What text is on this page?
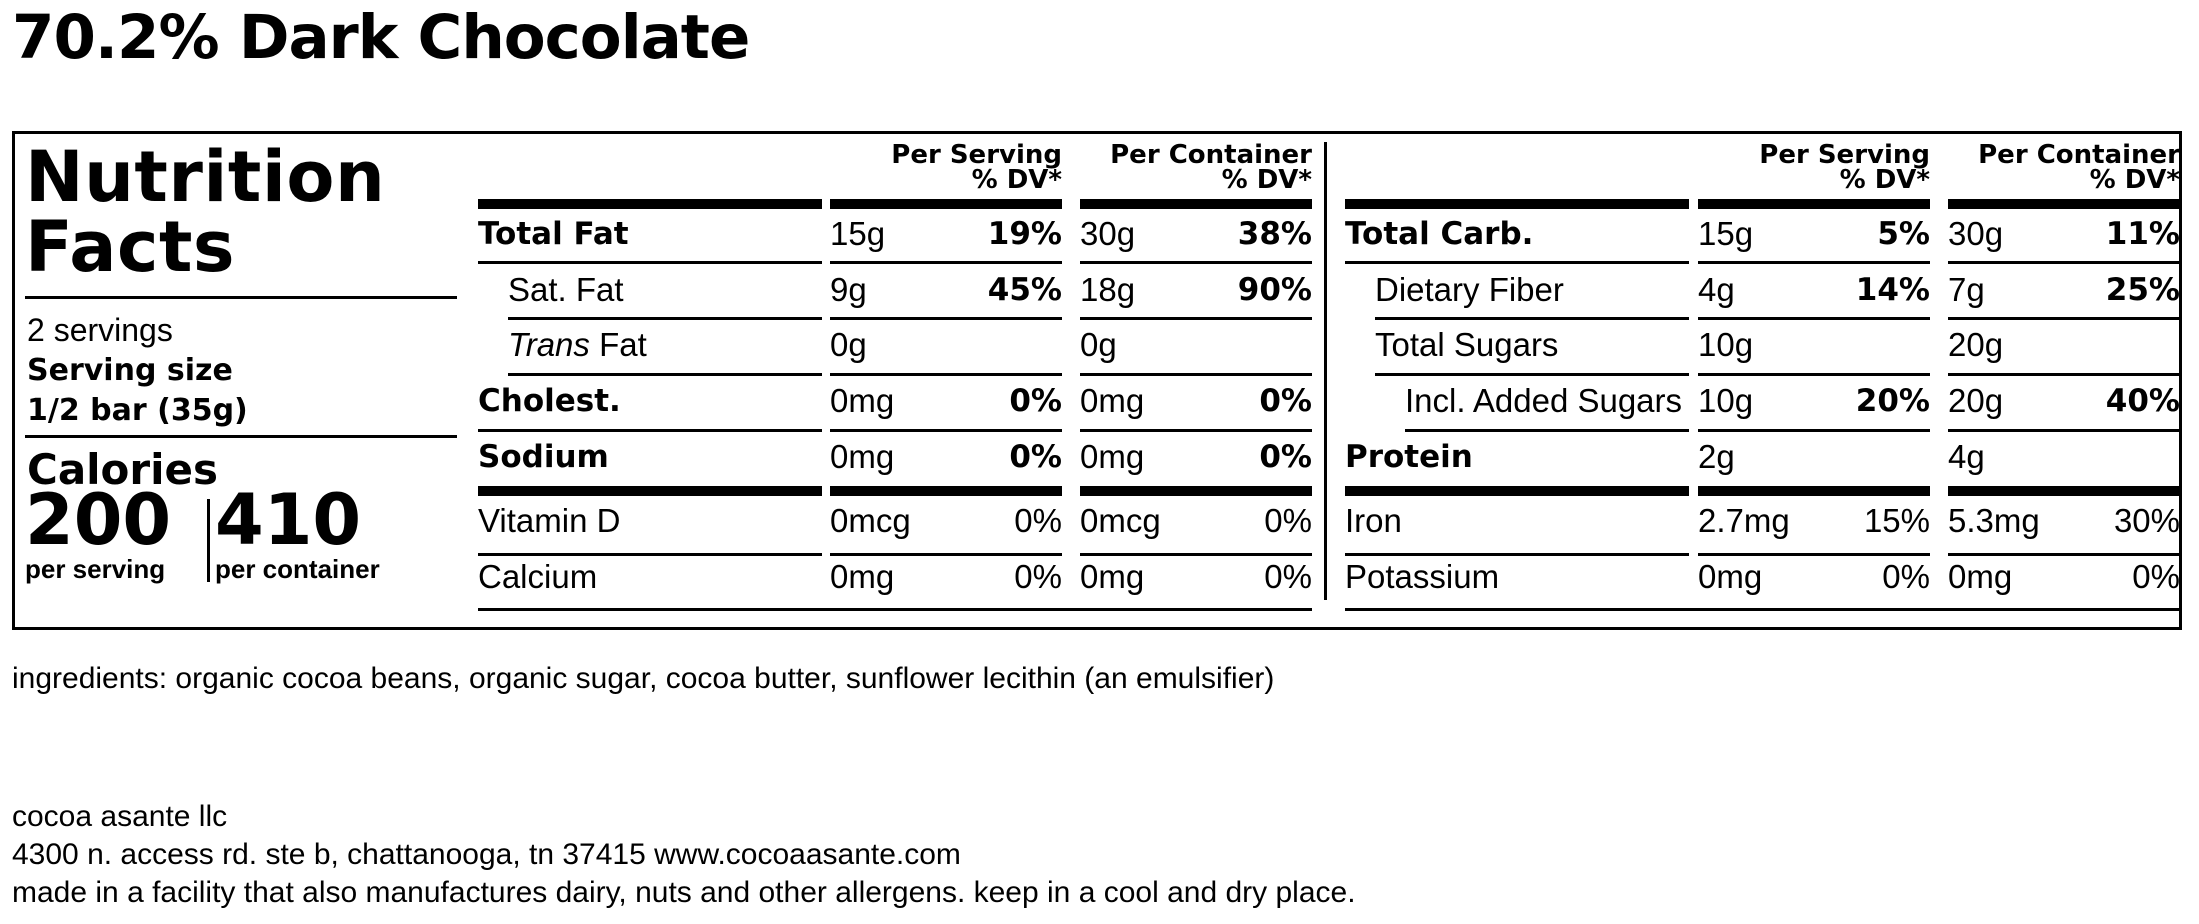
70.2% Dark Chocolate
Nutrition
Facts
2 servings
Serving size
1/2 bar (35g)
Calories
200
per serving
410
per container
Per Serving
% DV*
Per Container
% DV*
Total Fat	15g	19% 30g	38%
Sat. Fat	9g	45% 18g	90%
Trans Fat	0g	0g
Cholest.	0mg	0% 0mg	0%
Sodium	0mg	0% 0mg	0%
Vitamin D	0mcg	0% 0mcg	0%
Calcium	0mg	0% 0mg	0%
Per Serving
% DV*
Per Container
% DV*
Total Carb.	15g	5% 30g	11%
Dietary Fiber	4g	14% 7g	25%
Total Sugars	10g	20g
Incl. Added Sugars 10g	20% 20g	40%
Protein	2g	4g
Iron	2.7mg	15% 5.3mg	30%
Potassium	0mg	0% 0mg	0%
ingredients: organic cocoa beans, organic sugar, cocoa butter, sunflower lecithin (an emulsifier)
cocoa asante llc
4300 n. access rd. ste b, chattanooga, tn 37415 www.cocoaasante.com
made in a facility that also manufactures dairy, nuts and other allergens. keep in a cool and dry place.
